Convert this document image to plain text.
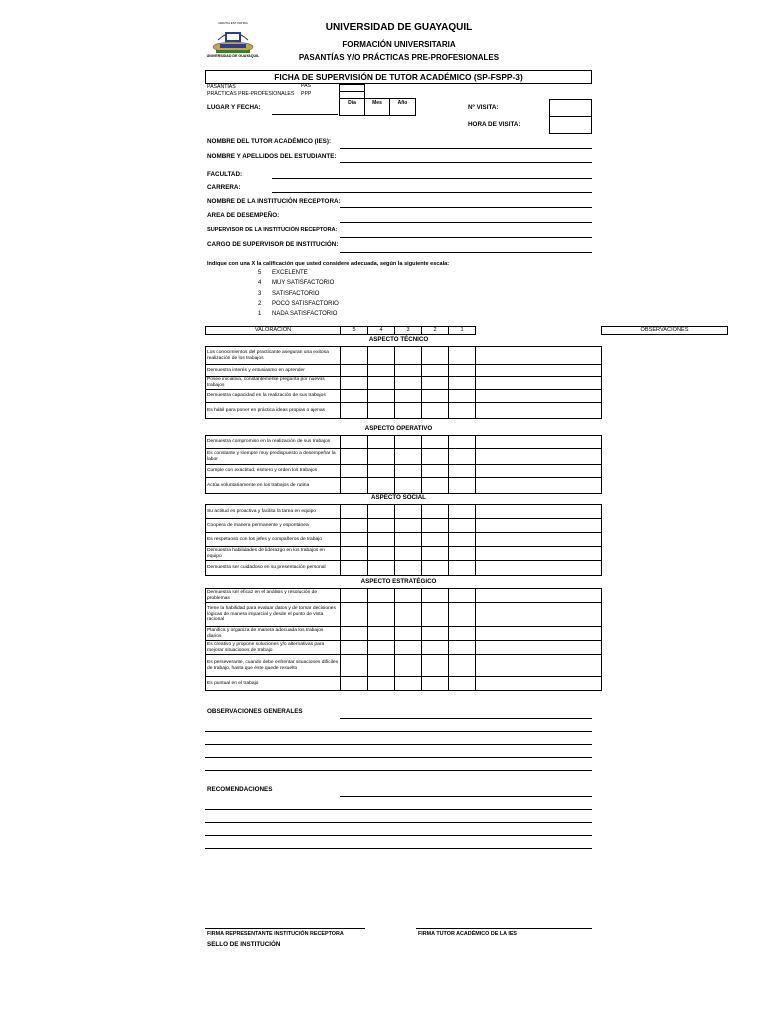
CIENTIA EST PATRIA
UNIVERSIDAD DE GUAYAQUIL
UNIVERSIDAD DE GUAYAQUIL
FORMACIÓN UNIVERSITARIA
PASANTÍAS Y/O PRÁCTICAS PRE-PROFESIONALES
FICHA DE SUPERVISIÓN DE TUTOR ACADÉMICO (SP-FSPP-3)
PASANTÍAS	PAS
PRÁCTICAS PRE-PROFESIONALES PPP
LUGAR Y FECHA:
Día	Mes	Año
Nº VISITA:
HORA DE VISITA:
NOMBRE DEL TUTOR ACADÉMICO (IES):
NOMBRE Y APELLIDOS DEL ESTUDIANTE:
FACULTAD:
CARRERA:
NOMBRE DE LA INSTITUCIÓN RECEPTORA:
AREA DE DESEMPEÑO:
SUPERVISOR DE LA INSTITUCIÓN RECEPTORA:
CARGO DE SUPERVISOR DE INSTITUCIÓN:
Indique con una X la calificación que usted considere adecuada, según la siguiente escala:
5 EXCELENTE
4 MUY SATISFACTORIO
3 SATISFACTORIO
2 POCO SATISFACTORIO
1 NADA SATISFACTORIO
VALORACIÓN	5	4	3	2	1		OBSERVACIONES
ASPECTO TÉCNICO
Los conocimientos del practicante aseguran una exitosa realización de los trabajos						
Demuestra interés y entusiasmo en aprender						
Posee iniciativa, constantemente pregunta por nuevos trabajos						
Demuestra capacidad en la realización de sus trabajos						
Es hábil para poner en práctica ideas propias o ajenas						
ASPECTO OPERATIVO
Demuestra compromiso en la realización de sus trabajos						
Es constante y siempre muy predispuesto a desempeñar la labor						
Cumple con exactitud, esmero y orden los trabajos						
Actúa voluntariamente en los trabajos de rutina						
ASPECTO SOCIAL
Su actitud es proactiva y facilita la tarea en equipo						
Coopera de manera permanente y espontánea						
Es respetuoso con los jefes y compañeros de trabajo						
Demuestra habilidades de liderazgo en los trabajos en equipo						
Demuestra ser cuidadoso en su presentación personal						
ASPECTO ESTRATÉGICO
Demuestra ser eficaz en el análisis y resolución de problemas						
Tiene la habilidad para evaluar datos y de tomar decisiones lógicas de manera imparcial y desde el punto de vista racional						
Planifica y organiza de manera adecuada los trabajos diarios						
Es creativo y propone soluciones y/o alternativas para mejorar situaciones de trabajo						
Es perseverante, cuando debe enfrentar situaciones difíciles de trabajo, hasta que éste quede resuelto						
Es puntual en el trabajo						
OBSERVACIONES GENERALES
RECOMENDACIONES
FIRMA REPRESENTANTE INSTITUCIÓN RECEPTORA
SELLO DE INSTITUCIÓN
FIRMA TUTOR ACADÉMICO DE LA IES
